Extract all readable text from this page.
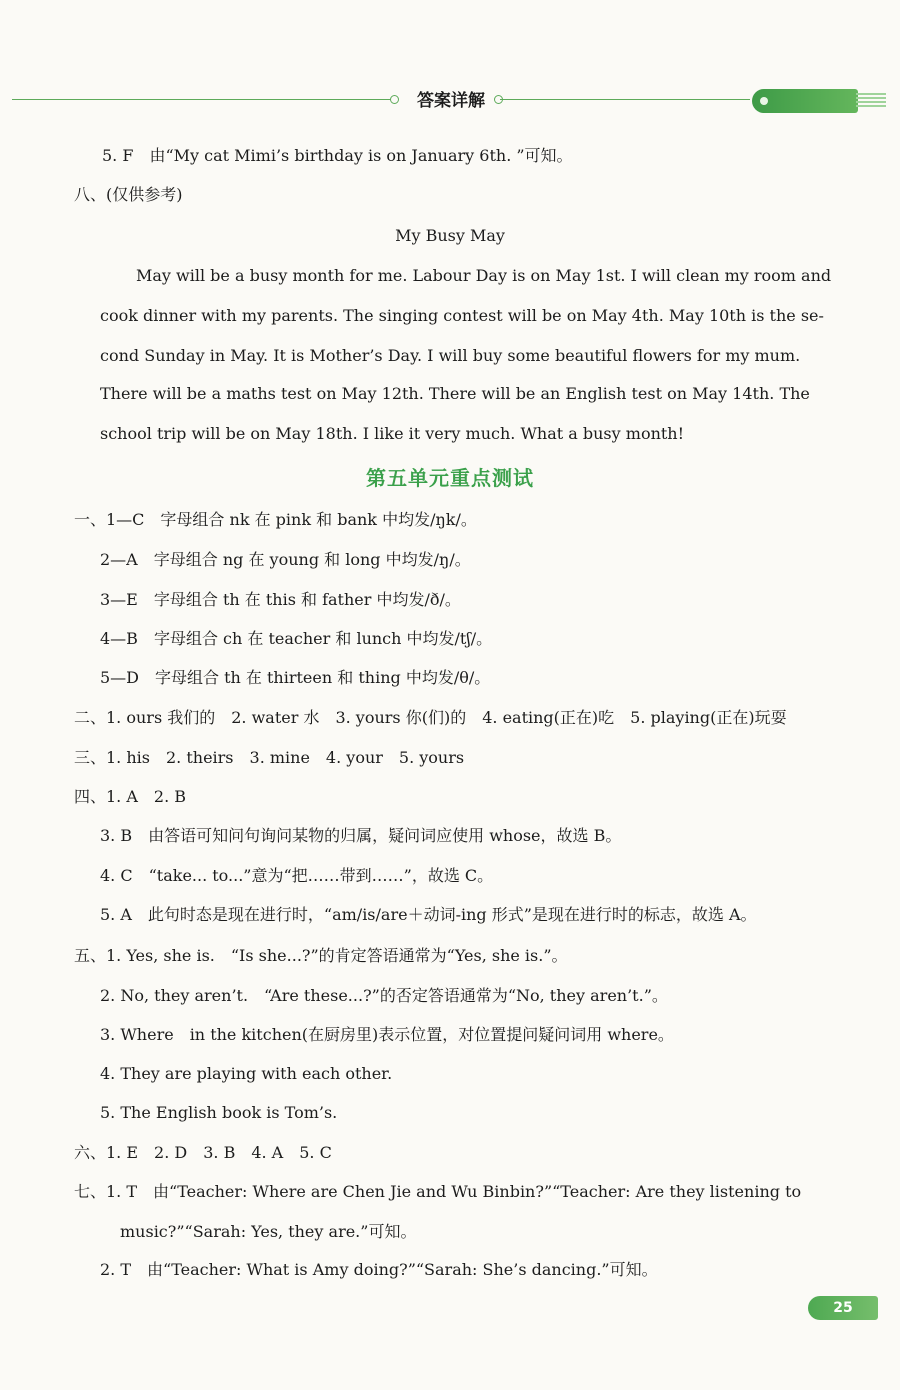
答案详解
5. F　由“My cat Mimi’s birthday is on January 6th. ”可知。
八、(仅供参考)
My Busy May
May will be a busy month for me. Labour Day is on May 1st. I will clean my room and
cook dinner with my parents. The singing contest will be on May 4th. May 10th is the se-
cond Sunday in May. It is Mother’s Day. I will buy some beautiful flowers for my mum.
There will be a maths test on May 12th. There will be an English test on May 14th. The
school trip will be on May 18th. I like it very much. What a busy month!
第五单元重点测试
一、1—C　字母组合 nk 在 pink 和 bank 中均发/ŋk/。
2—A　字母组合 ng 在 young 和 long 中均发/ŋ/。
3—E　字母组合 th 在 this 和 father 中均发/ð/。
4—B　字母组合 ch 在 teacher 和 lunch 中均发/tʃ/。
5—D　字母组合 th 在 thirteen 和 thing 中均发/θ/。
二、1. ours 我们的　2. water 水　3. yours 你(们)的　4. eating(正在)吃　5. playing(正在)玩耍
三、1. his　2. theirs　3. mine　4. your　5. yours
四、1. A　2. B
3. B　由答语可知问句询问某物的归属，疑问词应使用 whose，故选 B。
4. C　“take... to...”意为“把……带到……”，故选 C。
5. A　此句时态是现在进行时，“am/is/are＋动词-ing 形式”是现在进行时的标志，故选 A。
五、1. Yes, she is.　“Is she...?”的肯定答语通常为“Yes, she is.”。
2. No, they aren’t.　“Are these...?”的否定答语通常为“No, they aren’t.”。
3. Where　in the kitchen(在厨房里)表示位置，对位置提问疑问词用 where。
4. They are playing with each other.
5. The English book is Tom’s.
六、1. E　2. D　3. B　4. A　5. C
七、1. T　由“Teacher: Where are Chen Jie and Wu Binbin?”“Teacher: Are they listening to
music?”“Sarah: Yes, they are.”可知。
2. T　由“Teacher: What is Amy doing?”“Sarah: She’s dancing.”可知。
25
